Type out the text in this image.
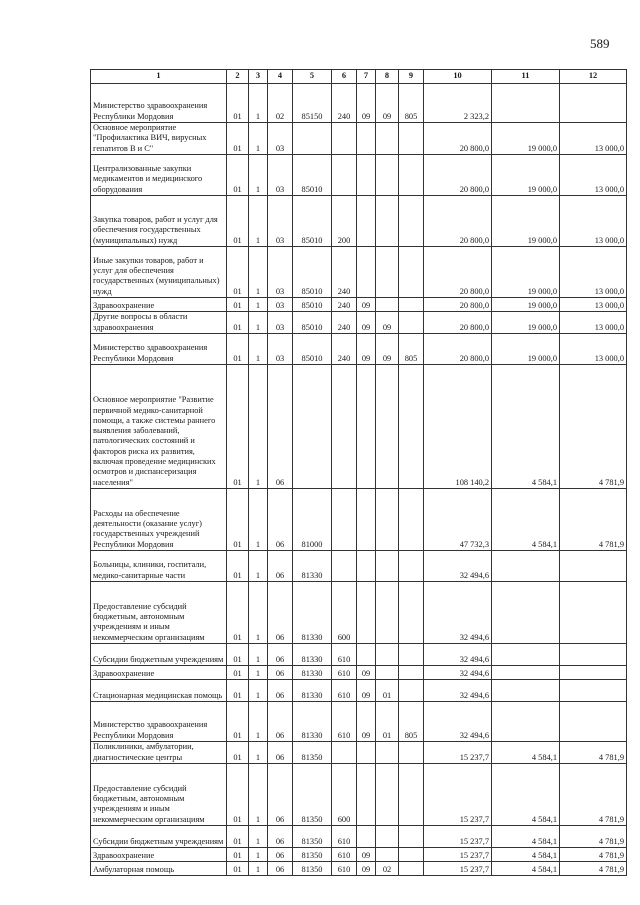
589
1	2	3	4	5	6	7	8	9	10	11	12
Министерство здравоохранения Республики Мордовия	01	1	02	85150	240	09	09	805	2 323,2		
Основное мероприятие "Профилактика ВИЧ, вирусных гепатитов В и С"	01	1	03						20 800,0	19 000,0	13 000,0
Централизованные закупки медикаментов и медицинского оборудования	01	1	03	85010					20 800,0	19 000,0	13 000,0
Закупка товаров, работ и услуг для обеспечения государственных (муниципальных) нужд	01	1	03	85010	200				20 800,0	19 000,0	13 000,0
Иные закупки товаров, работ и услуг для обеспечения государственных (муниципальных) нужд	01	1	03	85010	240				20 800,0	19 000,0	13 000,0
Здравоохранение	01	1	03	85010	240	09			20 800,0	19 000,0	13 000,0
Другие вопросы в области здравоохранения	01	1	03	85010	240	09	09		20 800,0	19 000,0	13 000,0
Министерство здравоохранения Республики Мордовия	01	1	03	85010	240	09	09	805	20 800,0	19 000,0	13 000,0
Основное мероприятие "Развитие первичной медико-санитарной помощи, а также системы раннего выявления заболеваний, патологических состояний и факторов риска их развития, включая проведение медицинских осмотров и диспансеризация населения"	01	1	06						108 140,2	4 584,1	4 781,9
Расходы на обеспечение деятельности (оказание услуг) государственных учреждений Республики Мордовия	01	1	06	81000					47 732,3	4 584,1	4 781,9
Больницы, клиники, госпитали, медико-санитарные части	01	1	06	81330					32 494,6		
Предоставление субсидий бюджетным, автономным учреждениям и иным некоммерческим организациям	01	1	06	81330	600				32 494,6		
Субсидии бюджетным учреждениям	01	1	06	81330	610				32 494,6		
Здравоохранение	01	1	06	81330	610	09			32 494,6		
Стационарная медицинская помощь	01	1	06	81330	610	09	01		32 494,6		
Министерство здравоохранения Республики Мордовия	01	1	06	81330	610	09	01	805	32 494,6		
Поликлиники, амбулатории, диагностические центры	01	1	06	81350					15 237,7	4 584,1	4 781,9
Предоставление субсидий бюджетным, автономным учреждениям и иным некоммерческим организациям	01	1	06	81350	600				15 237,7	4 584,1	4 781,9
Субсидии бюджетным учреждениям	01	1	06	81350	610				15 237,7	4 584,1	4 781,9
Здравоохранение	01	1	06	81350	610	09			15 237,7	4 584,1	4 781,9
Амбулаторная помощь	01	1	06	81350	610	09	02		15 237,7	4 584,1	4 781,9
